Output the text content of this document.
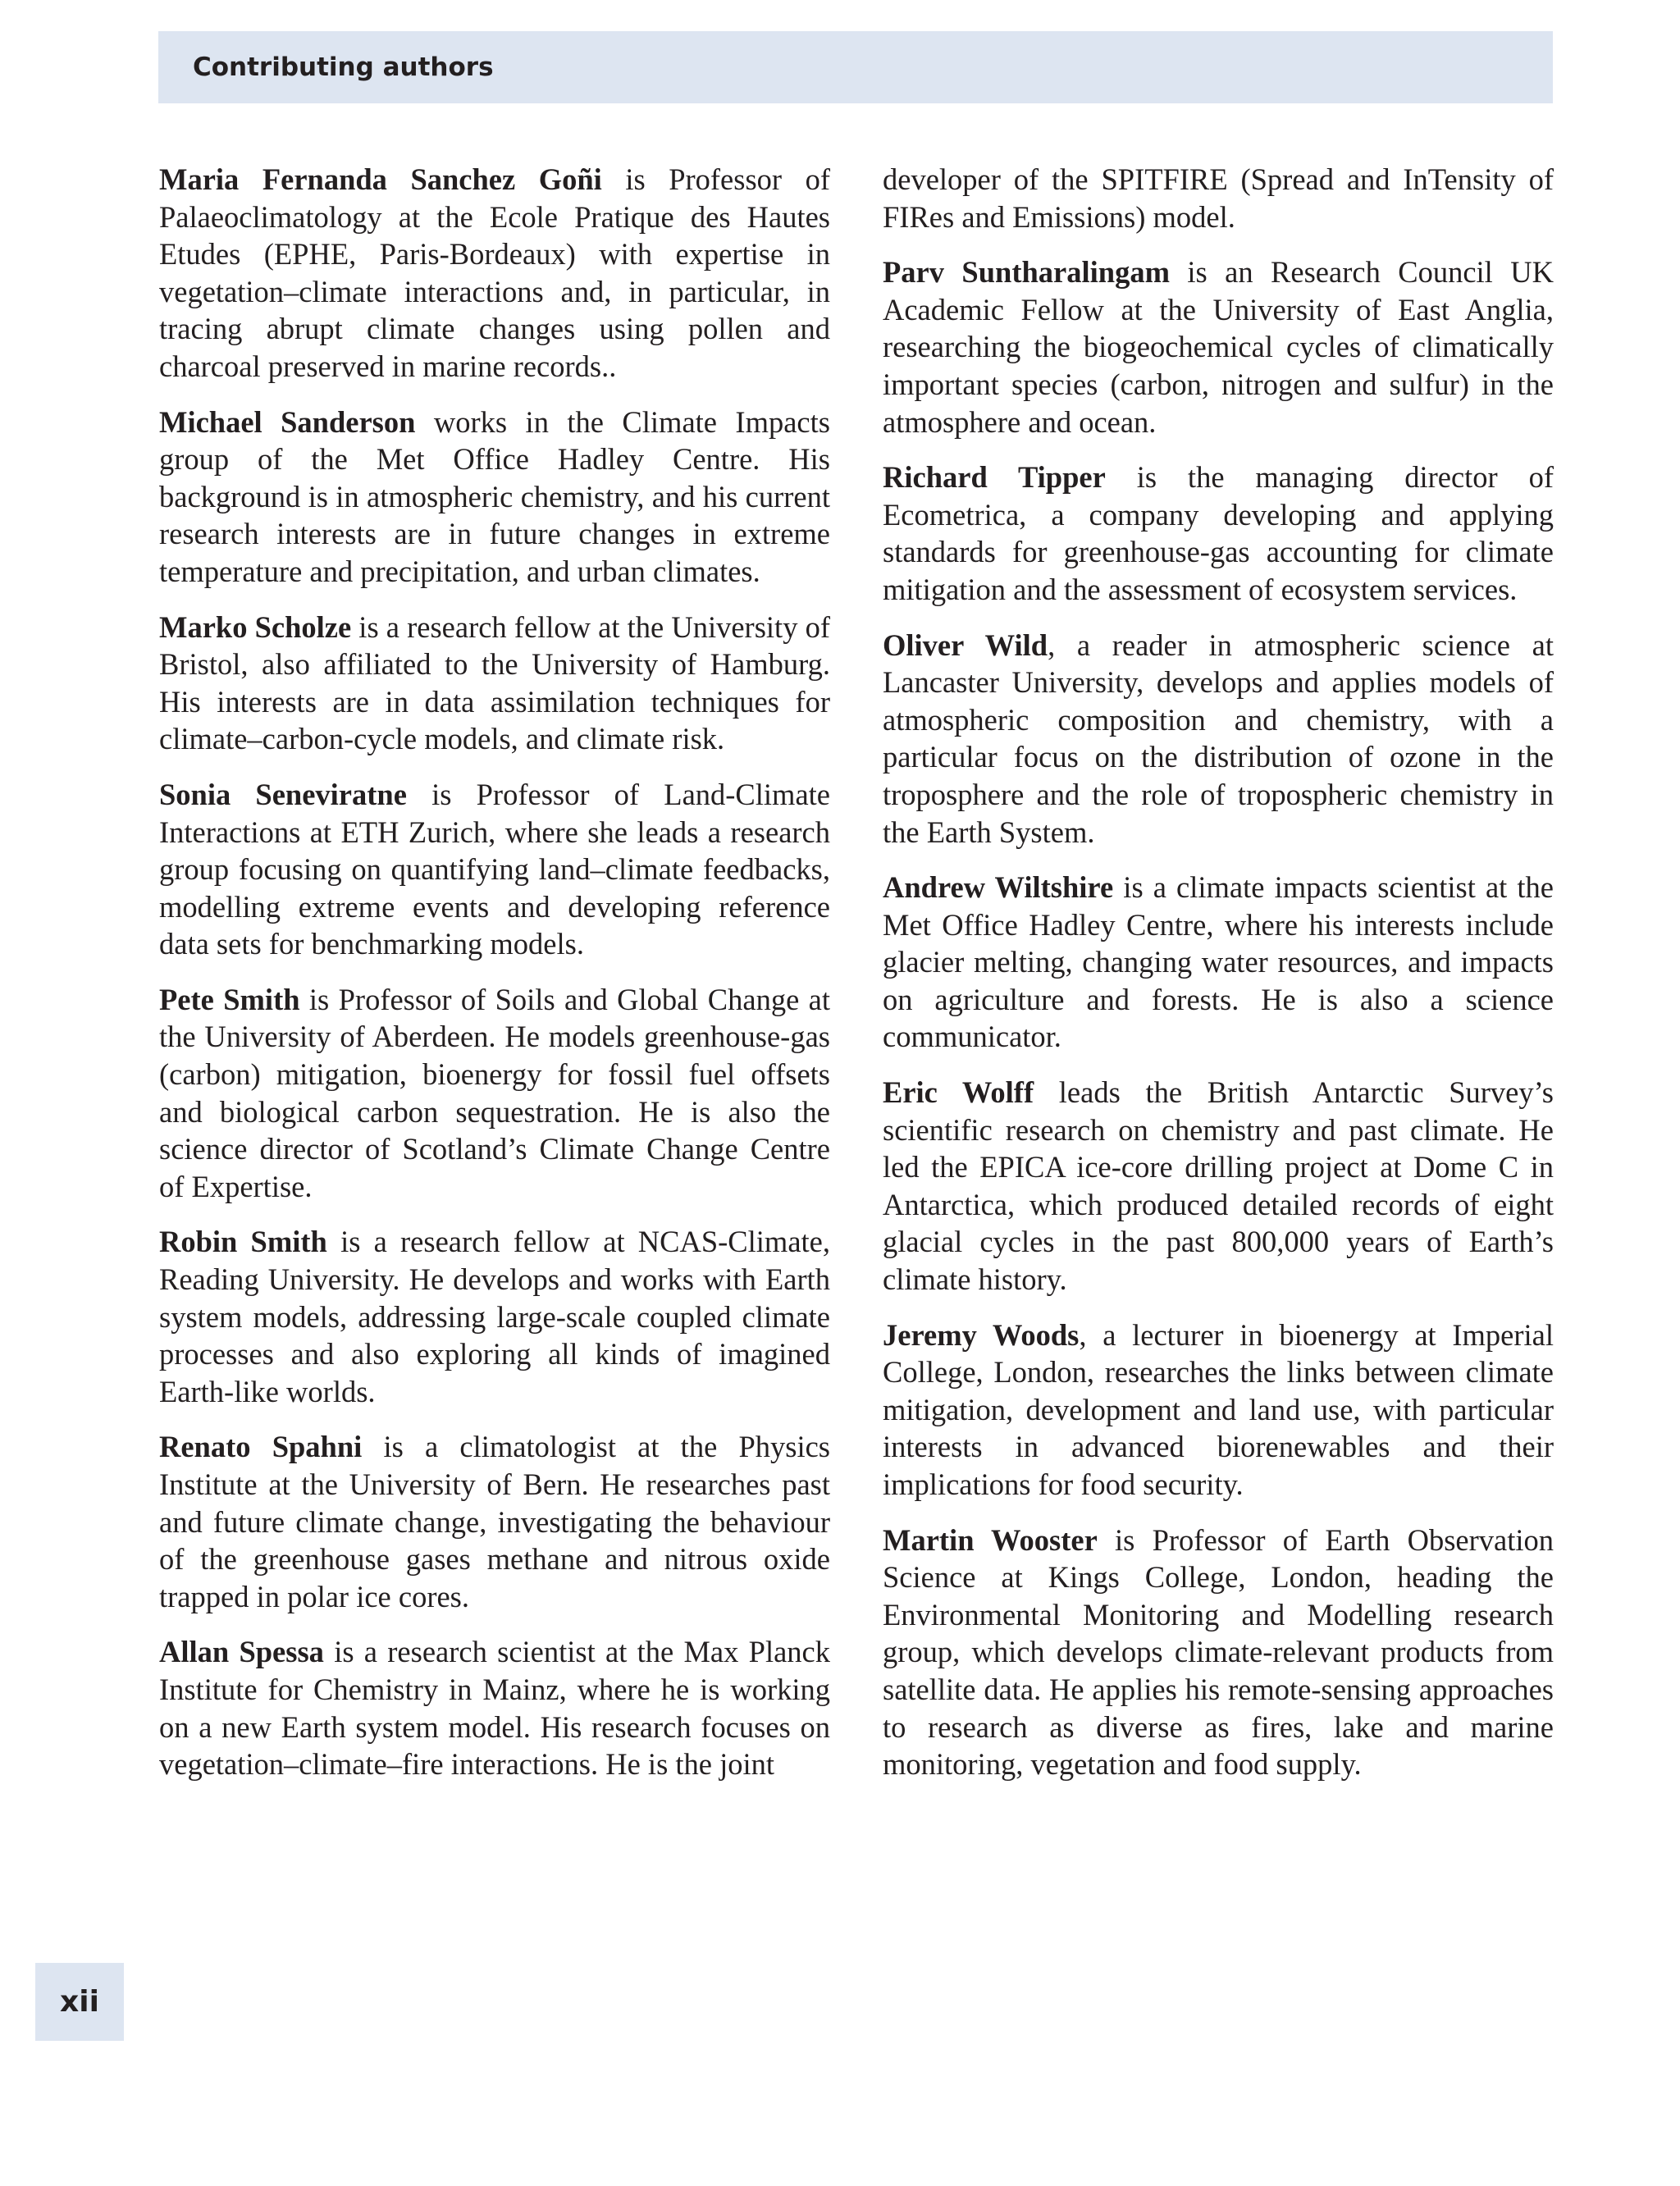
Contributing authors

Maria Fernanda Sanchez Goñi is Professor of Palaeoclimatology at the Ecole Pratique des Hautes Etudes (EPHE, Paris-Bordeaux) with expertise in vegetation–climate interactions and, in particular, in tracing abrupt climate changes using pollen and charcoal preserved in marine records..

Michael Sanderson works in the Climate Impacts group of the Met Office Hadley Centre. His background is in atmospheric chemistry, and his current research interests are in future changes in extreme temperature and precipitation, and urban climates.

Marko Scholze is a research fellow at the University of Bristol, also affiliated to the University of Hamburg. His interests are in data assimilation techniques for climate–carbon-cycle models, and climate risk.

Sonia Seneviratne is Professor of Land-Climate Interactions at ETH Zurich, where she leads a research group focusing on quantifying land–climate feedbacks, modelling extreme events and developing reference data sets for benchmarking models.

Pete Smith is Professor of Soils and Global Change at the University of Aberdeen. He models greenhouse-gas (carbon) mitigation, bioenergy for fossil fuel offsets and biological carbon sequestration. He is also the science director of Scotland’s Climate Change Centre of Expertise.

Robin Smith is a research fellow at NCAS-Climate, Reading University. He develops and works with Earth system models, addressing large-scale coupled climate processes and also exploring all kinds of imagined Earth-like worlds.

Renato Spahni is a climatologist at the Physics Institute at the University of Bern. He researches past and future climate change, investigating the behaviour of the greenhouse gases methane and nitrous oxide trapped in polar ice cores.

Allan Spessa is a research scientist at the Max Planck Institute for Chemistry in Mainz, where he is working on a new Earth system model. His research focuses on vegetation–climate–fire interactions. He is the joint

developer of the SPITFIRE (Spread and InTensity of FIRes and Emissions) model.

Parv Suntharalingam is an Research Council UK Academic Fellow at the University of East Anglia, researching the biogeochemical cycles of climatically important species (carbon, nitrogen and sulfur) in the atmosphere and ocean.

Richard Tipper is the managing director of Ecometrica, a company developing and applying standards for greenhouse-gas accounting for climate mitigation and the assessment of ecosystem services.

Oliver Wild, a reader in atmospheric science at Lancaster University, develops and applies models of atmospheric composition and chemistry, with a particular focus on the distribution of ozone in the troposphere and the role of tropospheric chemistry in the Earth System.

Andrew Wiltshire is a climate impacts scientist at the Met Office Hadley Centre, where his interests include glacier melting, changing water resources, and impacts on agriculture and forests. He is also a science communicator.

Eric Wolff leads the British Antarctic Survey’s scientific research on chemistry and past climate. He led the EPICA ice-core drilling project at Dome C in Antarctica, which produced detailed records of eight glacial cycles in the past 800,000 years of Earth’s climate history.

Jeremy Woods, a lecturer in bioenergy at Imperial College, London, researches the links between climate mitigation, development and land use, with particular interests in advanced biorenewables and their implications for food security.

Martin Wooster is Professor of Earth Observation Science at Kings College, London, heading the Environmental Monitoring and Modelling research group, which develops climate-relevant products from satellite data. He applies his remote-sensing approaches to research as diverse as fires, lake and marine monitoring, vegetation and food supply.

xii
